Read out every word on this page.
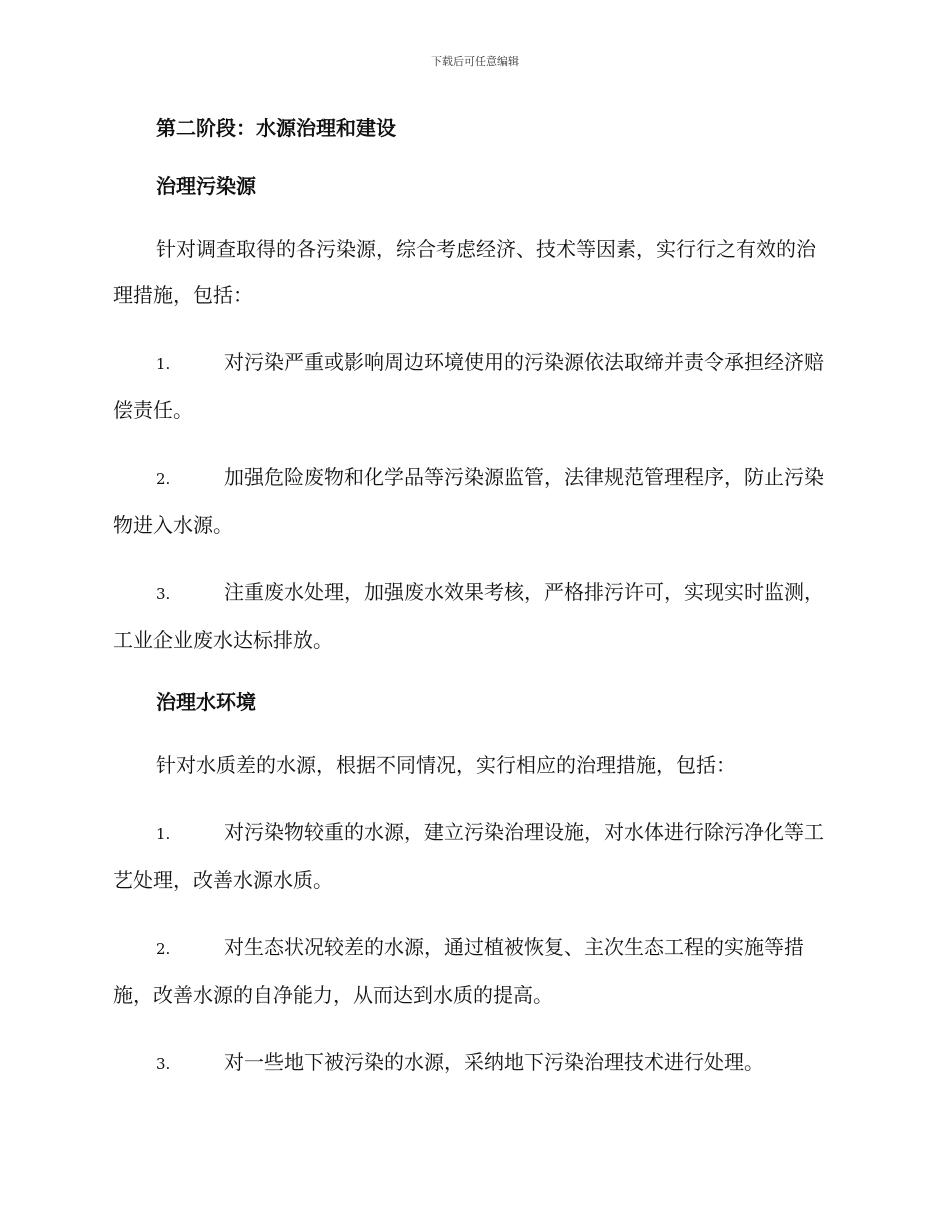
下载后可任意编辑
第二阶段：水源治理和建设
治理污染源
针对调查取得的各污染源，综合考虑经济、技术等因素，实行行之有效的治理措施，包括：
1.	对污染严重或影响周边环境使用的污染源依法取缔并责令承担经济赔偿责任。
2.	加强危险废物和化学品等污染源监管，法律规范管理程序，防止污染物进入水源。
3.	注重废水处理，加强废水效果考核，严格排污许可，实现实时监测，工业企业废水达标排放。
治理水环境
针对水质差的水源，根据不同情况，实行相应的治理措施，包括：
1.	对污染物较重的水源，建立污染治理设施，对水体进行除污净化等工艺处理，改善水源水质。
2.	对生态状况较差的水源，通过植被恢复、主次生态工程的实施等措施，改善水源的自净能力，从而达到水质的提高。
3.	对一些地下被污染的水源，采纳地下污染治理技术进行处理。
